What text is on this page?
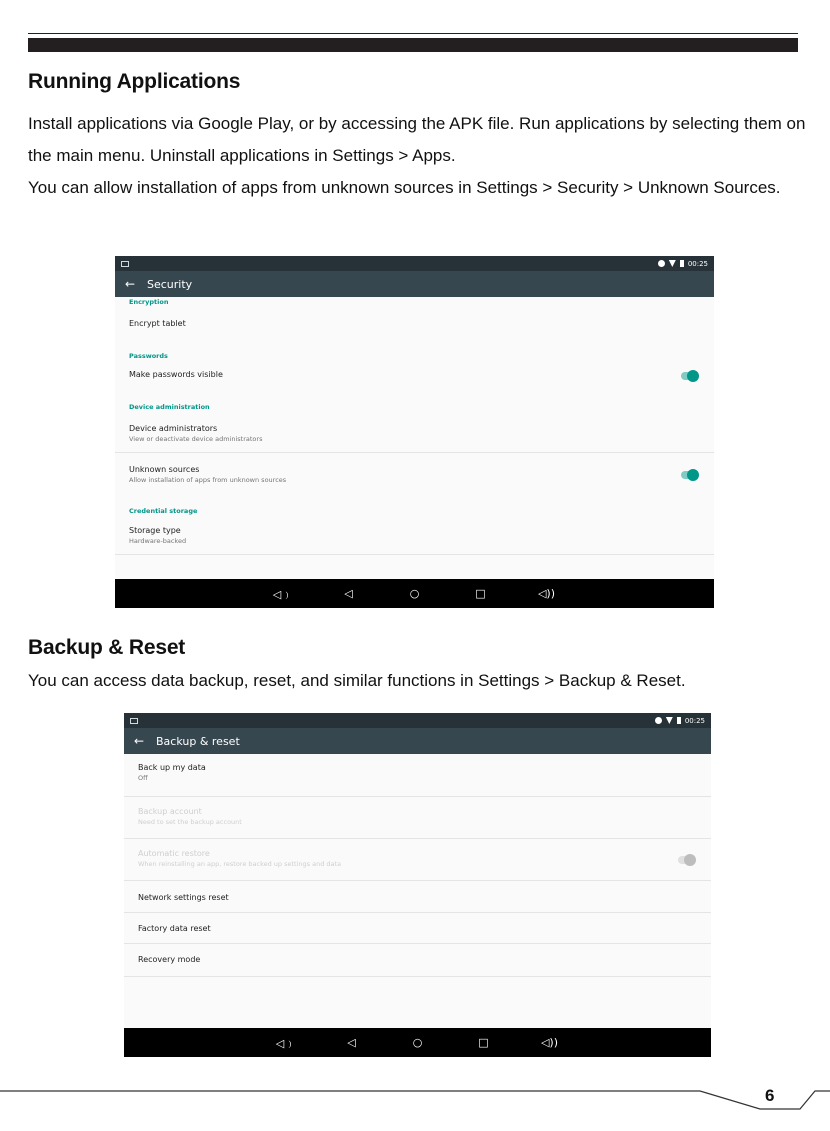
Running Applications

Install applications via Google Play, or by accessing the APK file. Run applications by selecting them on

the main menu. Uninstall applications in Settings > Apps.

You can allow installation of apps from unknown sources in Settings > Security > Unknown Sources.

00:25
←	Security
Encryption
Encrypt tablet
Passwords
Make passwords visible
Device administration
Device administrators
View or deactivate device administrators
Unknown sources
Allow installation of apps from unknown sources
Credential storage
Storage type
Hardware-backed
◁﹚	◁	○	□	◁))
Backup & Reset

You can access data backup, reset, and similar functions in Settings > Backup & Reset.

00:25
←	Backup & reset
Back up my data
Off
Backup account
Need to set the backup account
Automatic restore
When reinstalling an app, restore backed up settings and data
Network settings reset
Factory data reset
Recovery mode
◁﹚	◁	○	□	◁))
6
